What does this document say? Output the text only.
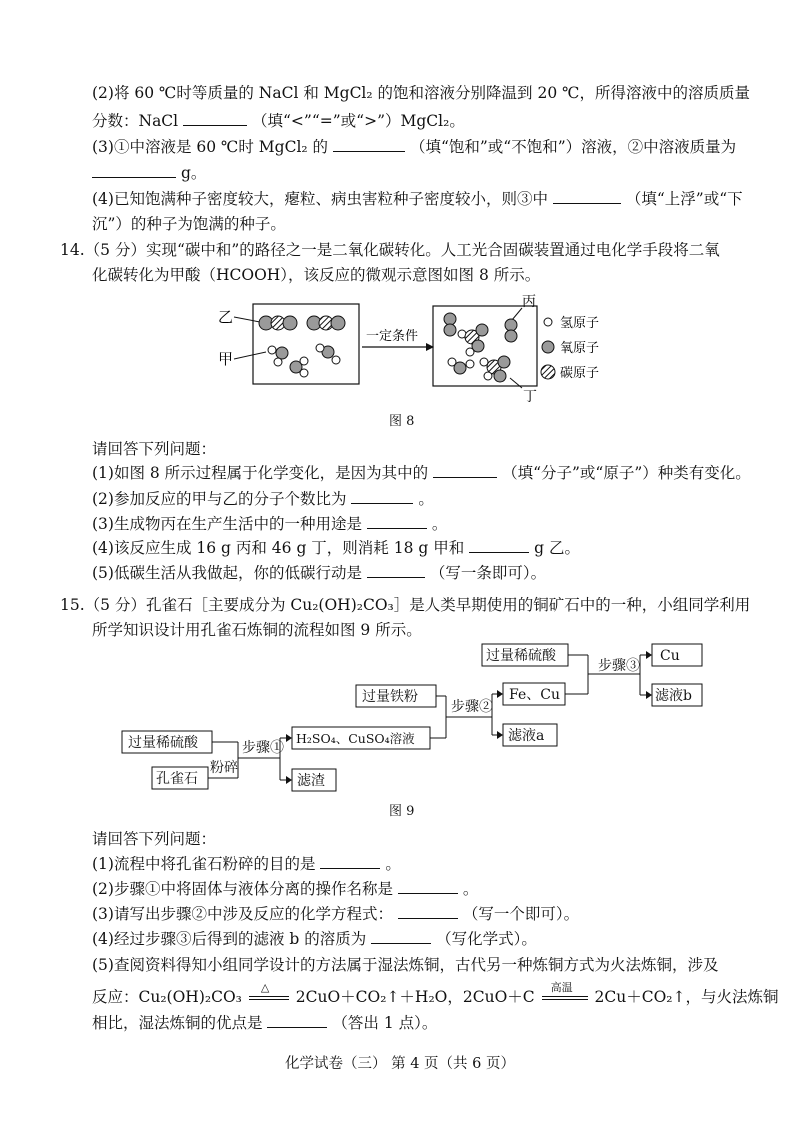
(2)将 60 ℃时等质量的 NaCl 和 MgCl₂ 的饱和溶液分别降温到 20 ℃，所得溶液中的溶质质量
分数：NaCl	（填“<”“=”或“>”）MgCl₂。
(3)①中溶液是 60 ℃时 MgCl₂ 的	（填“饱和”或“不饱和”）溶液，②中溶液质量为
g。
(4)已知饱满种子密度较大，瘪粒、病虫害粒种子密度较小，则③中	（填“上浮”或“下
沉”）的种子为饱满的种子。
14.（5 分）实现“碳中和”的路径之一是二氧化碳转化。人工光合固碳装置通过电化学手段将二氧
化碳转化为甲酸（HCOOH），该反应的微观示意图如图 8 所示。
乙
甲
一定条件
丙
丁
氢原子
氧原子
碳原子
图 8
请回答下列问题：
(1)如图 8 所示过程属于化学变化，是因为其中的	（填“分子”或“原子”）种类有变化。
(2)参加反应的甲与乙的分子个数比为	。
(3)生成物丙在生产生活中的一种用途是	。
(4)该反应生成 16 g 丙和 46 g 丁，则消耗 18 g 甲和	g 乙。
(5)低碳生活从我做起，你的低碳行动是	（写一条即可）。
15.（5 分）孔雀石［主要成分为 Cu₂(OH)₂CO₃］是人类早期使用的铜矿石中的一种，小组同学利用
所学知识设计用孔雀石炼铜的流程如图 9 所示。
过量稀硫酸
孔雀石
H₂SO₄、CuSO₄溶液
滤渣
过量铁粉	Fe、Cu
滤液a
过量稀硫酸	Cu
滤液b
粉碎
步骤①
步骤②
步骤③
图 9
请回答下列问题：
(1)流程中将孔雀石粉碎的目的是	。
(2)步骤①中将固体与液体分离的操作名称是	。
(3)请写出步骤②中涉及反应的化学方程式：	（写一个即可）。
(4)经过步骤③后得到的滤液 b 的溶质为	（写化学式）。
(5)查阅资料得知小组同学设计的方法属于湿法炼铜，古代另一种炼铜方式为火法炼铜，涉及
反应：Cu₂(OH)₂CO₃
△
2CuO＋CO₂↑＋H₂O，2CuO＋C
高温
2Cu＋CO₂↑，与火法炼铜
相比，湿法炼铜的优点是	（答出 1 点）。
化学试卷（三） 第 4 页（共 6 页）
